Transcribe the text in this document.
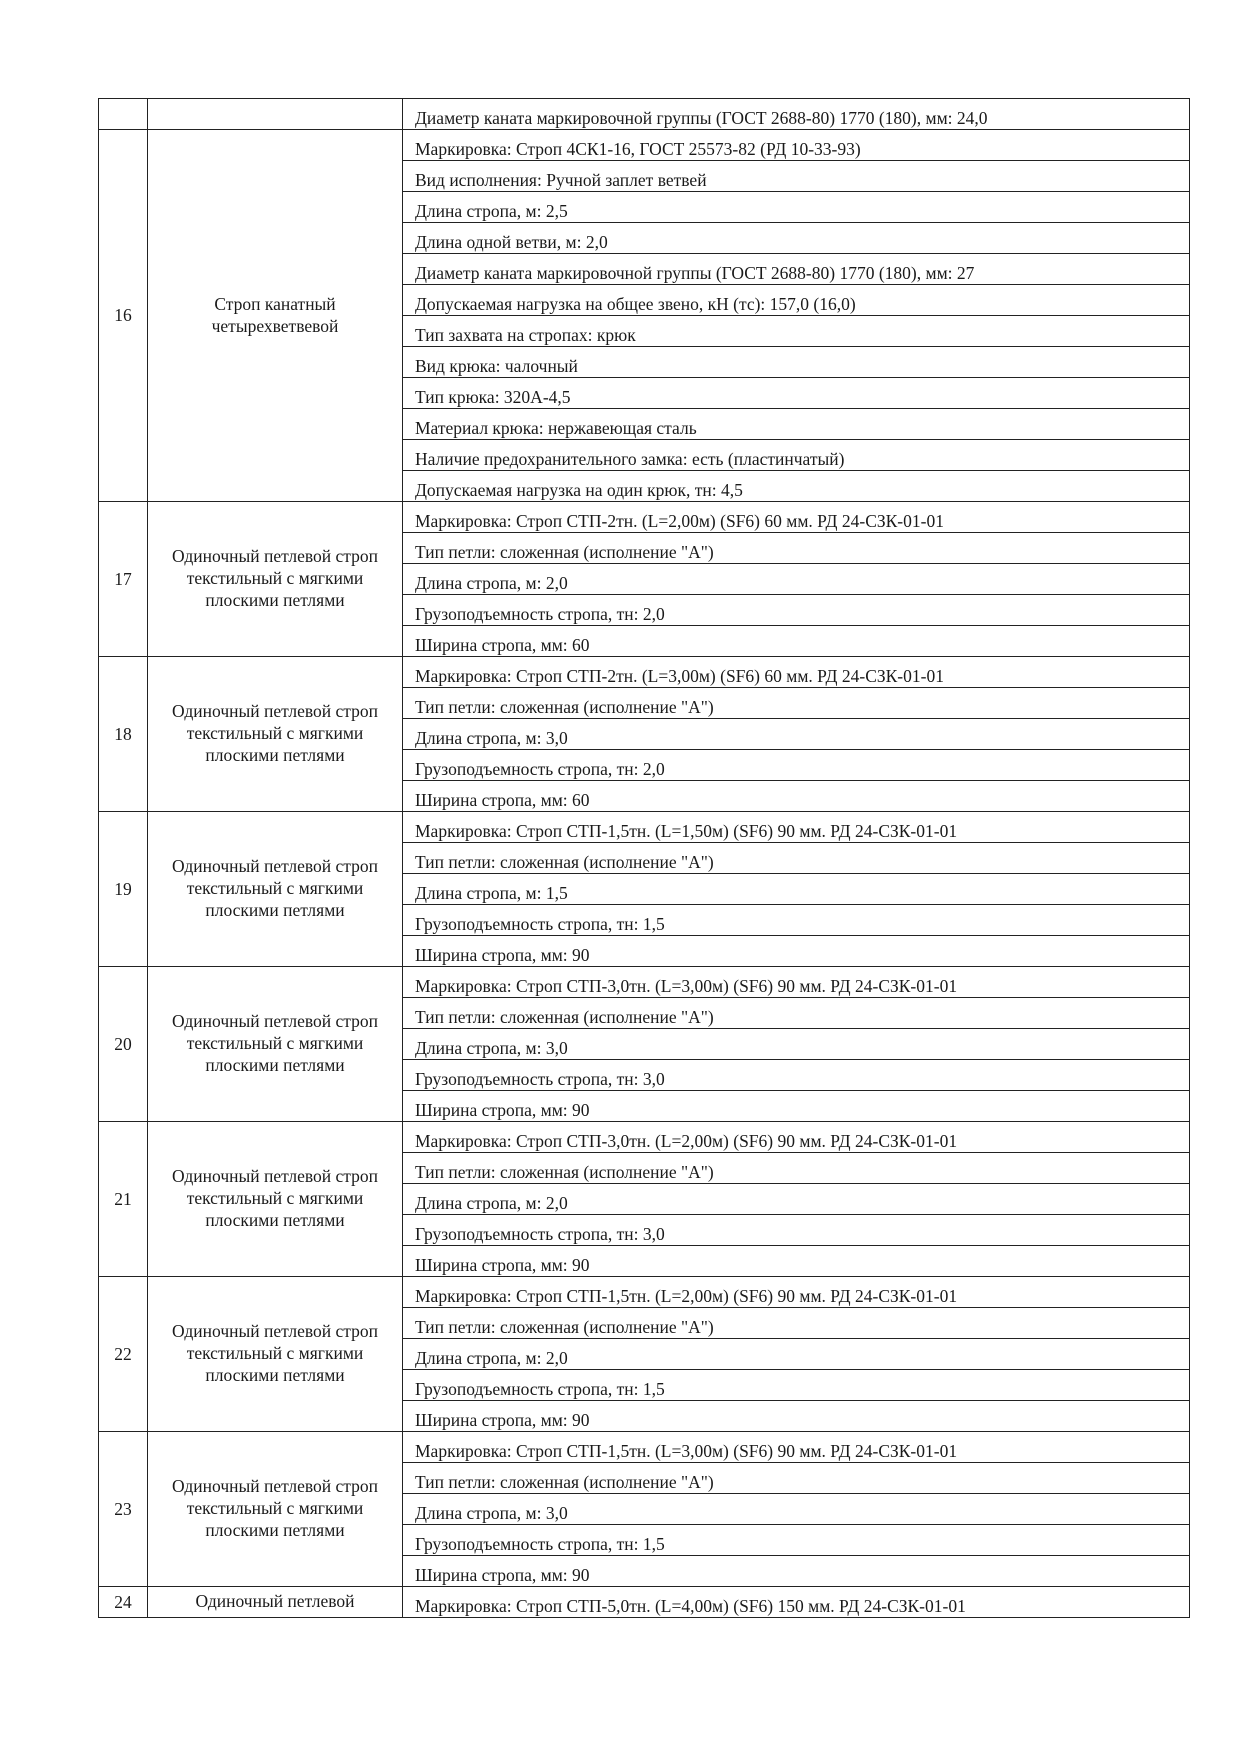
		Диаметр каната маркировочной группы (ГОСТ 2688-80) 1770 (180), мм: 24,0

16	Строп канатный четырехветвевой	Маркировка: Строп 4СК1-16, ГОСТ 25573-82 (РД 10-33-93)

		Вид исполнения: Ручной заплет ветвей

		Длина стропа, м: 2,5

		Длина одной ветви, м: 2,0

		Диаметр каната маркировочной группы (ГОСТ 2688-80) 1770 (180), мм: 27

		Допускаемая нагрузка на общее звено, кН (тс): 157,0 (16,0)

		Тип захвата на стропах: крюк

		Вид крюка: чалочный

		Тип крюка: 320А-4,5

		Материал крюка: нержавеющая сталь

		Наличие предохранительного замка: есть (пластинчатый)

		Допускаемая нагрузка на один крюк, тн: 4,5

17	Одиночный петлевой строп текстильный с мягкими плоскими петлями	Маркировка: Строп СТП-2тн. (L=2,00м) (SF6) 60 мм. РД 24-СЗК-01-01

		Тип петли: сложенная (исполнение "А")

		Длина стропа, м: 2,0

		Грузоподъемность стропа, тн: 2,0

		Ширина стропа, мм: 60

18	Одиночный петлевой строп текстильный с мягкими плоскими петлями	Маркировка: Строп СТП-2тн. (L=3,00м) (SF6) 60 мм. РД 24-СЗК-01-01

		Тип петли: сложенная (исполнение "А")

		Длина стропа, м: 3,0

		Грузоподъемность стропа, тн: 2,0

		Ширина стропа, мм: 60

19	Одиночный петлевой строп текстильный с мягкими плоскими петлями	Маркировка: Строп СТП-1,5тн. (L=1,50м) (SF6) 90 мм. РД 24-СЗК-01-01

		Тип петли: сложенная (исполнение "А")

		Длина стропа, м: 1,5

		Грузоподъемность стропа, тн: 1,5

		Ширина стропа, мм: 90

20	Одиночный петлевой строп текстильный с мягкими плоскими петлями	Маркировка: Строп СТП-3,0тн. (L=3,00м) (SF6) 90 мм. РД 24-СЗК-01-01

		Тип петли: сложенная (исполнение "А")

		Длина стропа, м: 3,0

		Грузоподъемность стропа, тн: 3,0

		Ширина стропа, мм: 90

21	Одиночный петлевой строп текстильный с мягкими плоскими петлями	Маркировка: Строп СТП-3,0тн. (L=2,00м) (SF6) 90 мм. РД 24-СЗК-01-01

		Тип петли: сложенная (исполнение "А")

		Длина стропа, м: 2,0

		Грузоподъемность стропа, тн: 3,0

		Ширина стропа, мм: 90

22	Одиночный петлевой строп текстильный с мягкими плоскими петлями	Маркировка: Строп СТП-1,5тн. (L=2,00м) (SF6) 90 мм. РД 24-СЗК-01-01

		Тип петли: сложенная (исполнение "А")

		Длина стропа, м: 2,0

		Грузоподъемность стропа, тн: 1,5

		Ширина стропа, мм: 90

23	Одиночный петлевой строп текстильный с мягкими плоскими петлями	Маркировка: Строп СТП-1,5тн. (L=3,00м) (SF6) 90 мм. РД 24-СЗК-01-01

		Тип петли: сложенная (исполнение "А")

		Длина стропа, м: 3,0

		Грузоподъемность стропа, тн: 1,5

		Ширина стропа, мм: 90

24	Одиночный петлевой	Маркировка: Строп СТП-5,0тн. (L=4,00м) (SF6) 150 мм. РД 24-СЗК-01-01
